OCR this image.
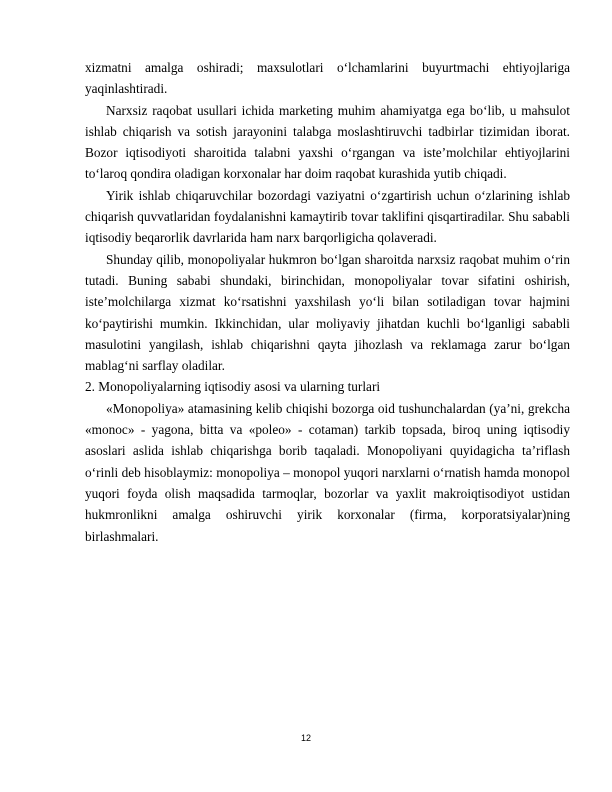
xizmatni amalga oshiradi; maxsulotlari o‘lchamlarini buyurtmachi ehtiyojlariga yaqinlashtiradi.

Narxsiz raqobat usullari ichida marketing muhim ahamiyatga ega bo‘lib, u mahsulot ishlab chiqarish va sotish jarayonini talabga moslashtiruvchi tadbirlar tizimidan iborat. Bozor iqtisodiyoti sharoitida talabni yaxshi o‘rgangan va iste’molchilar ehtiyojlarini to‘laroq qondira oladigan korxonalar har doim raqobat kurashida yutib chiqadi.

Yirik ishlab chiqaruvchilar bozordagi vaziyatni o‘zgartirish uchun o‘zlarining ishlab chiqarish quvvatlaridan foydalanishni kamaytirib tovar taklifini qisqartiradilar. Shu sababli iqtisodiy beqarorlik davrlarida ham narx barqorligicha qolaveradi.

Shunday qilib, monopoliyalar hukmron bo‘lgan sharoitda narxsiz raqobat muhim o‘rin tutadi. Buning sababi shundaki, birinchidan, monopoliyalar tovar sifatini oshirish, iste’molchilarga xizmat ko‘rsatishni yaxshilash yo‘li bilan sotiladigan tovar hajmini ko‘paytirishi mumkin. Ikkinchidan, ular moliyaviy jihatdan kuchli bo‘lganligi sababli masulotini yangilash, ishlab chiqarishni qayta jihozlash va reklamaga zarur bo‘lgan mablag‘ni sarflay oladilar.

2. Monopoliyalarning iqtisodiy asosi va ularning turlari

«Monopoliya» atamasining kelib chiqishi bozorga oid tushunchalardan (ya’ni, grekcha «monoc» - yagona, bitta va «poleo» - cotaman) tarkib topsada, biroq uning iqtisodiy asoslari aslida ishlab chiqarishga borib taqaladi. Monopoliyani quyidagicha ta’riflash o‘rinli deb hisoblaymiz: monopoliya – monopol yuqori narxlarni o‘rnatish hamda monopol yuqori foyda olish maqsadida tarmoqlar, bozorlar va yaxlit makroiqtisodiyot ustidan hukmronlikni amalga oshiruvchi yirik korxonalar (firma, korporatsiyalar)ning birlashmalari.

12
